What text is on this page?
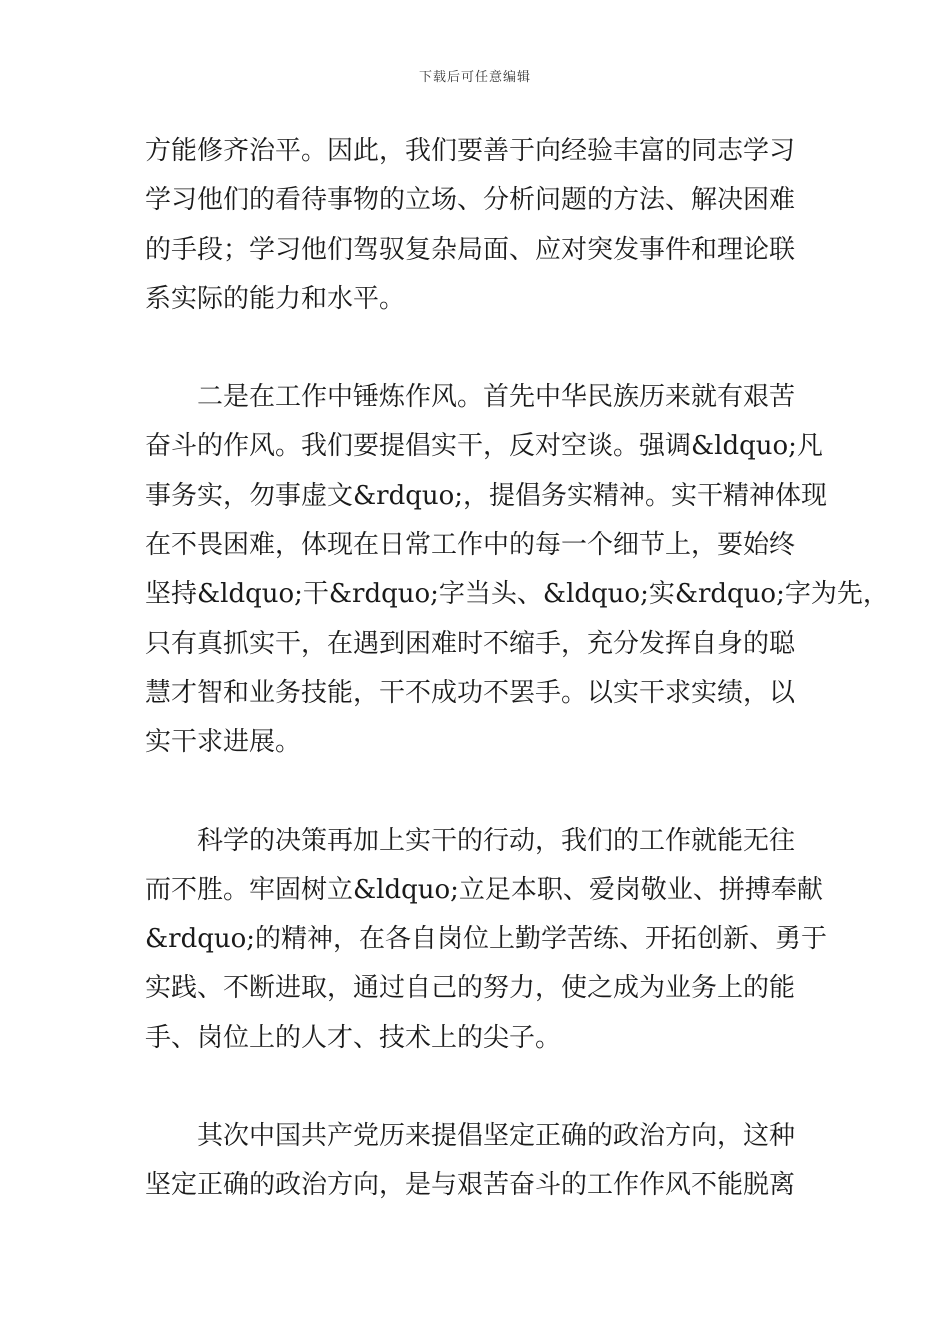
下载后可任意编辑

方能修齐治平。因此，我们要善于向经验丰富的同志学习
学习他们的看待事物的立场、分析问题的方法、解决困难
的手段；学习他们驾驭复杂局面、应对突发事件和理论联
系实际的能力和水平。

　　二是在工作中锤炼作风。首先中华民族历来就有艰苦
奋斗的作风。我们要提倡实干，反对空谈。强调&ldquo;凡
事务实，勿事虚文&rdquo;，提倡务实精神。实干精神体现
在不畏困难，体现在日常工作中的每一个细节上，要始终
坚持&ldquo;干&rdquo;字当头、&ldquo;实&rdquo;字为先，
只有真抓实干，在遇到困难时不缩手，充分发挥自身的聪
慧才智和业务技能，干不成功不罢手。以实干求实绩，以
实干求进展。

　　科学的决策再加上实干的行动，我们的工作就能无往
而不胜。牢固树立&ldquo;立足本职、爱岗敬业、拼搏奉献
&rdquo;的精神，在各自岗位上勤学苦练、开拓创新、勇于
实践、不断进取，通过自己的努力，使之成为业务上的能
手、岗位上的人才、技术上的尖子。

　　其次中国共产党历来提倡坚定正确的政治方向，这种
坚定正确的政治方向，是与艰苦奋斗的工作作风不能脱离
